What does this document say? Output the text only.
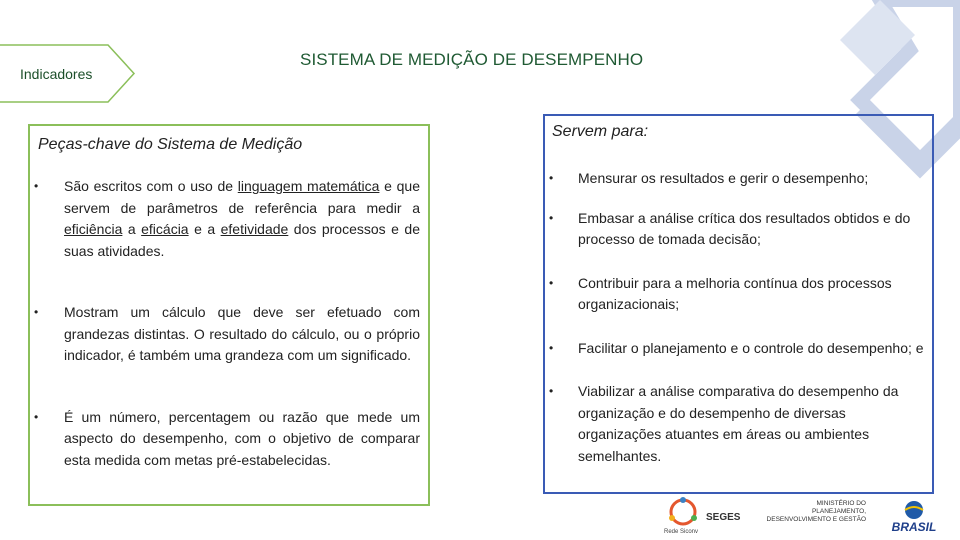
Indicadores
SISTEMA DE MEDIÇÃO DE DESEMPENHO
Peças-chave do Sistema de Medição
• São escritos com o uso de linguagem matemática e que servem de parâmetros de referência para medir a eficiência a eficácia e a efetividade dos processos e de suas atividades.
• Mostram um cálculo que deve ser efetuado com grandezas distintas. O resultado do cálculo, ou o próprio indicador, é também uma grandeza com um significado.
• É um número, percentagem ou razão que mede um aspecto do desempenho, com o objetivo de comparar esta medida com metas pré-estabelecidas.
Servem para:
• Mensurar os resultados e gerir o desempenho;
• Embasar a análise crítica dos resultados obtidos e do processo de tomada decisão;
• Contribuir para a melhoria contínua dos processos organizacionais;
• Facilitar o planejamento e o controle do desempenho; e
• Viabilizar a análise comparativa do desempenho da organização e do desempenho de diversas organizações atuantes em áreas ou ambientes semelhantes.
Rede Siconv
SEGES
MINISTÉRIO DO
PLANEJAMENTO,
DESENVOLVIMENTO E GESTÃO
BRASIL
